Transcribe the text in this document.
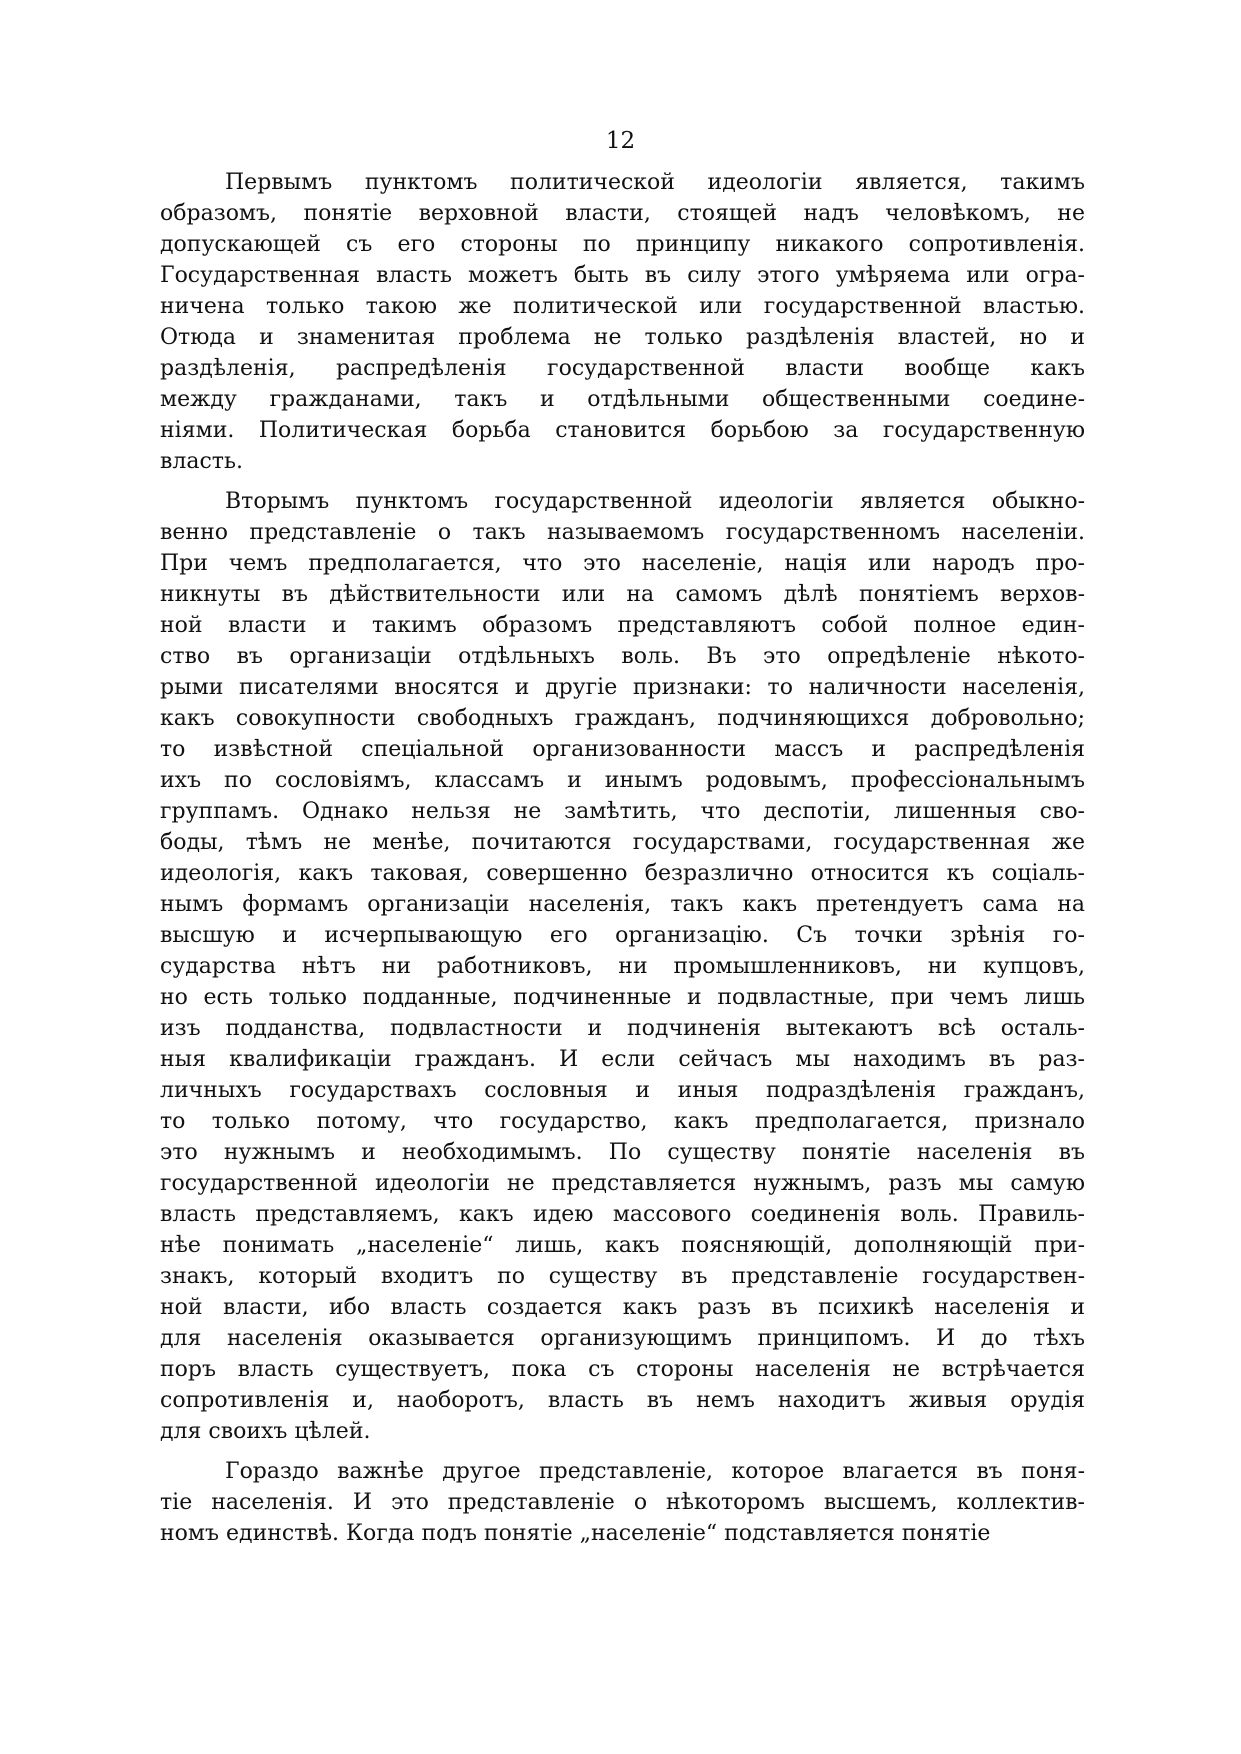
12
Первымъ пунктомъ политической идеологіи является, такимъ
образомъ, понятіе верховной власти, стоящей надъ человѣкомъ, не
допускающей съ его стороны по принципу никакого сопротивленія.
Государственная власть можетъ быть въ силу этого умѣряема или огра-
ничена только такою же политической или государственной властью.
Отюда и знаменитая проблема не только раздѣленія властей, но и
раздѣленія, распредѣленія государственной власти вообще какъ
между гражданами, такъ и отдѣльными общественными соедине-
ніями. Политическая борьба становится борьбою за государственную
власть.
Вторымъ пунктомъ государственной идеологіи является обыкно-
венно представленіе о такъ называемомъ государственномъ населеніи.
При чемъ предполагается, что это населеніе, нація или народъ про-
никнуты въ дѣйствительности или на самомъ дѣлѣ понятіемъ верхов-
ной власти и такимъ образомъ представляютъ собой полное един-
ство въ организаціи отдѣльныхъ воль. Въ это опредѣленіе нѣкото-
рыми писателями вносятся и другіе признаки: то наличности населенія,
какъ совокупности свободныхъ гражданъ, подчиняющихся добровольно;
то извѣстной спеціальной организованности массъ и распредѣленія
ихъ по сословіямъ, классамъ и инымъ родовымъ, профессіональнымъ
группамъ. Однако нельзя не замѣтить, что деспотіи, лишенныя сво-
боды, тѣмъ не менѣе, почитаются государствами, государственная же
идеологія, какъ таковая, совершенно безразлично относится къ соціаль-
нымъ формамъ организаціи населенія, такъ какъ претендуетъ сама на
высшую и исчерпывающую его организацію. Съ точки зрѣнія го-
сударства нѣтъ ни работниковъ, ни промышленниковъ, ни купцовъ,
но есть только подданные, подчиненные и подвластные, при чемъ лишь
изъ подданства, подвластности и подчиненія вытекаютъ всѣ осталь-
ныя квалификаціи гражданъ. И если сейчасъ мы находимъ въ раз-
личныхъ государствахъ сословныя и иныя подраздѣленія гражданъ,
то только потому, что государство, какъ предполагается, признало
это нужнымъ и необходимымъ. По существу понятіе населенія въ
государственной идеологіи не представляется нужнымъ, разъ мы самую
власть представляемъ, какъ идею массового соединенія воль. Правиль-
нѣе понимать „населеніе“ лишь, какъ поясняющій, дополняющій при-
знакъ, который входитъ по существу въ представленіе государствен-
ной власти, ибо власть создается какъ разъ въ психикѣ населенія и
для населенія оказывается организующимъ принципомъ. И до тѣхъ
поръ власть существуетъ, пока съ стороны населенія не встрѣчается
сопротивленія и, наоборотъ, власть въ немъ находитъ живыя орудія
для своихъ цѣлей.
Гораздо важнѣе другое представленіе, которое влагается въ поня-
тіе населенія. И это представленіе о нѣкоторомъ высшемъ, коллектив-
номъ единствѣ. Когда подъ понятіе „населеніе“ подставляется понятіе
